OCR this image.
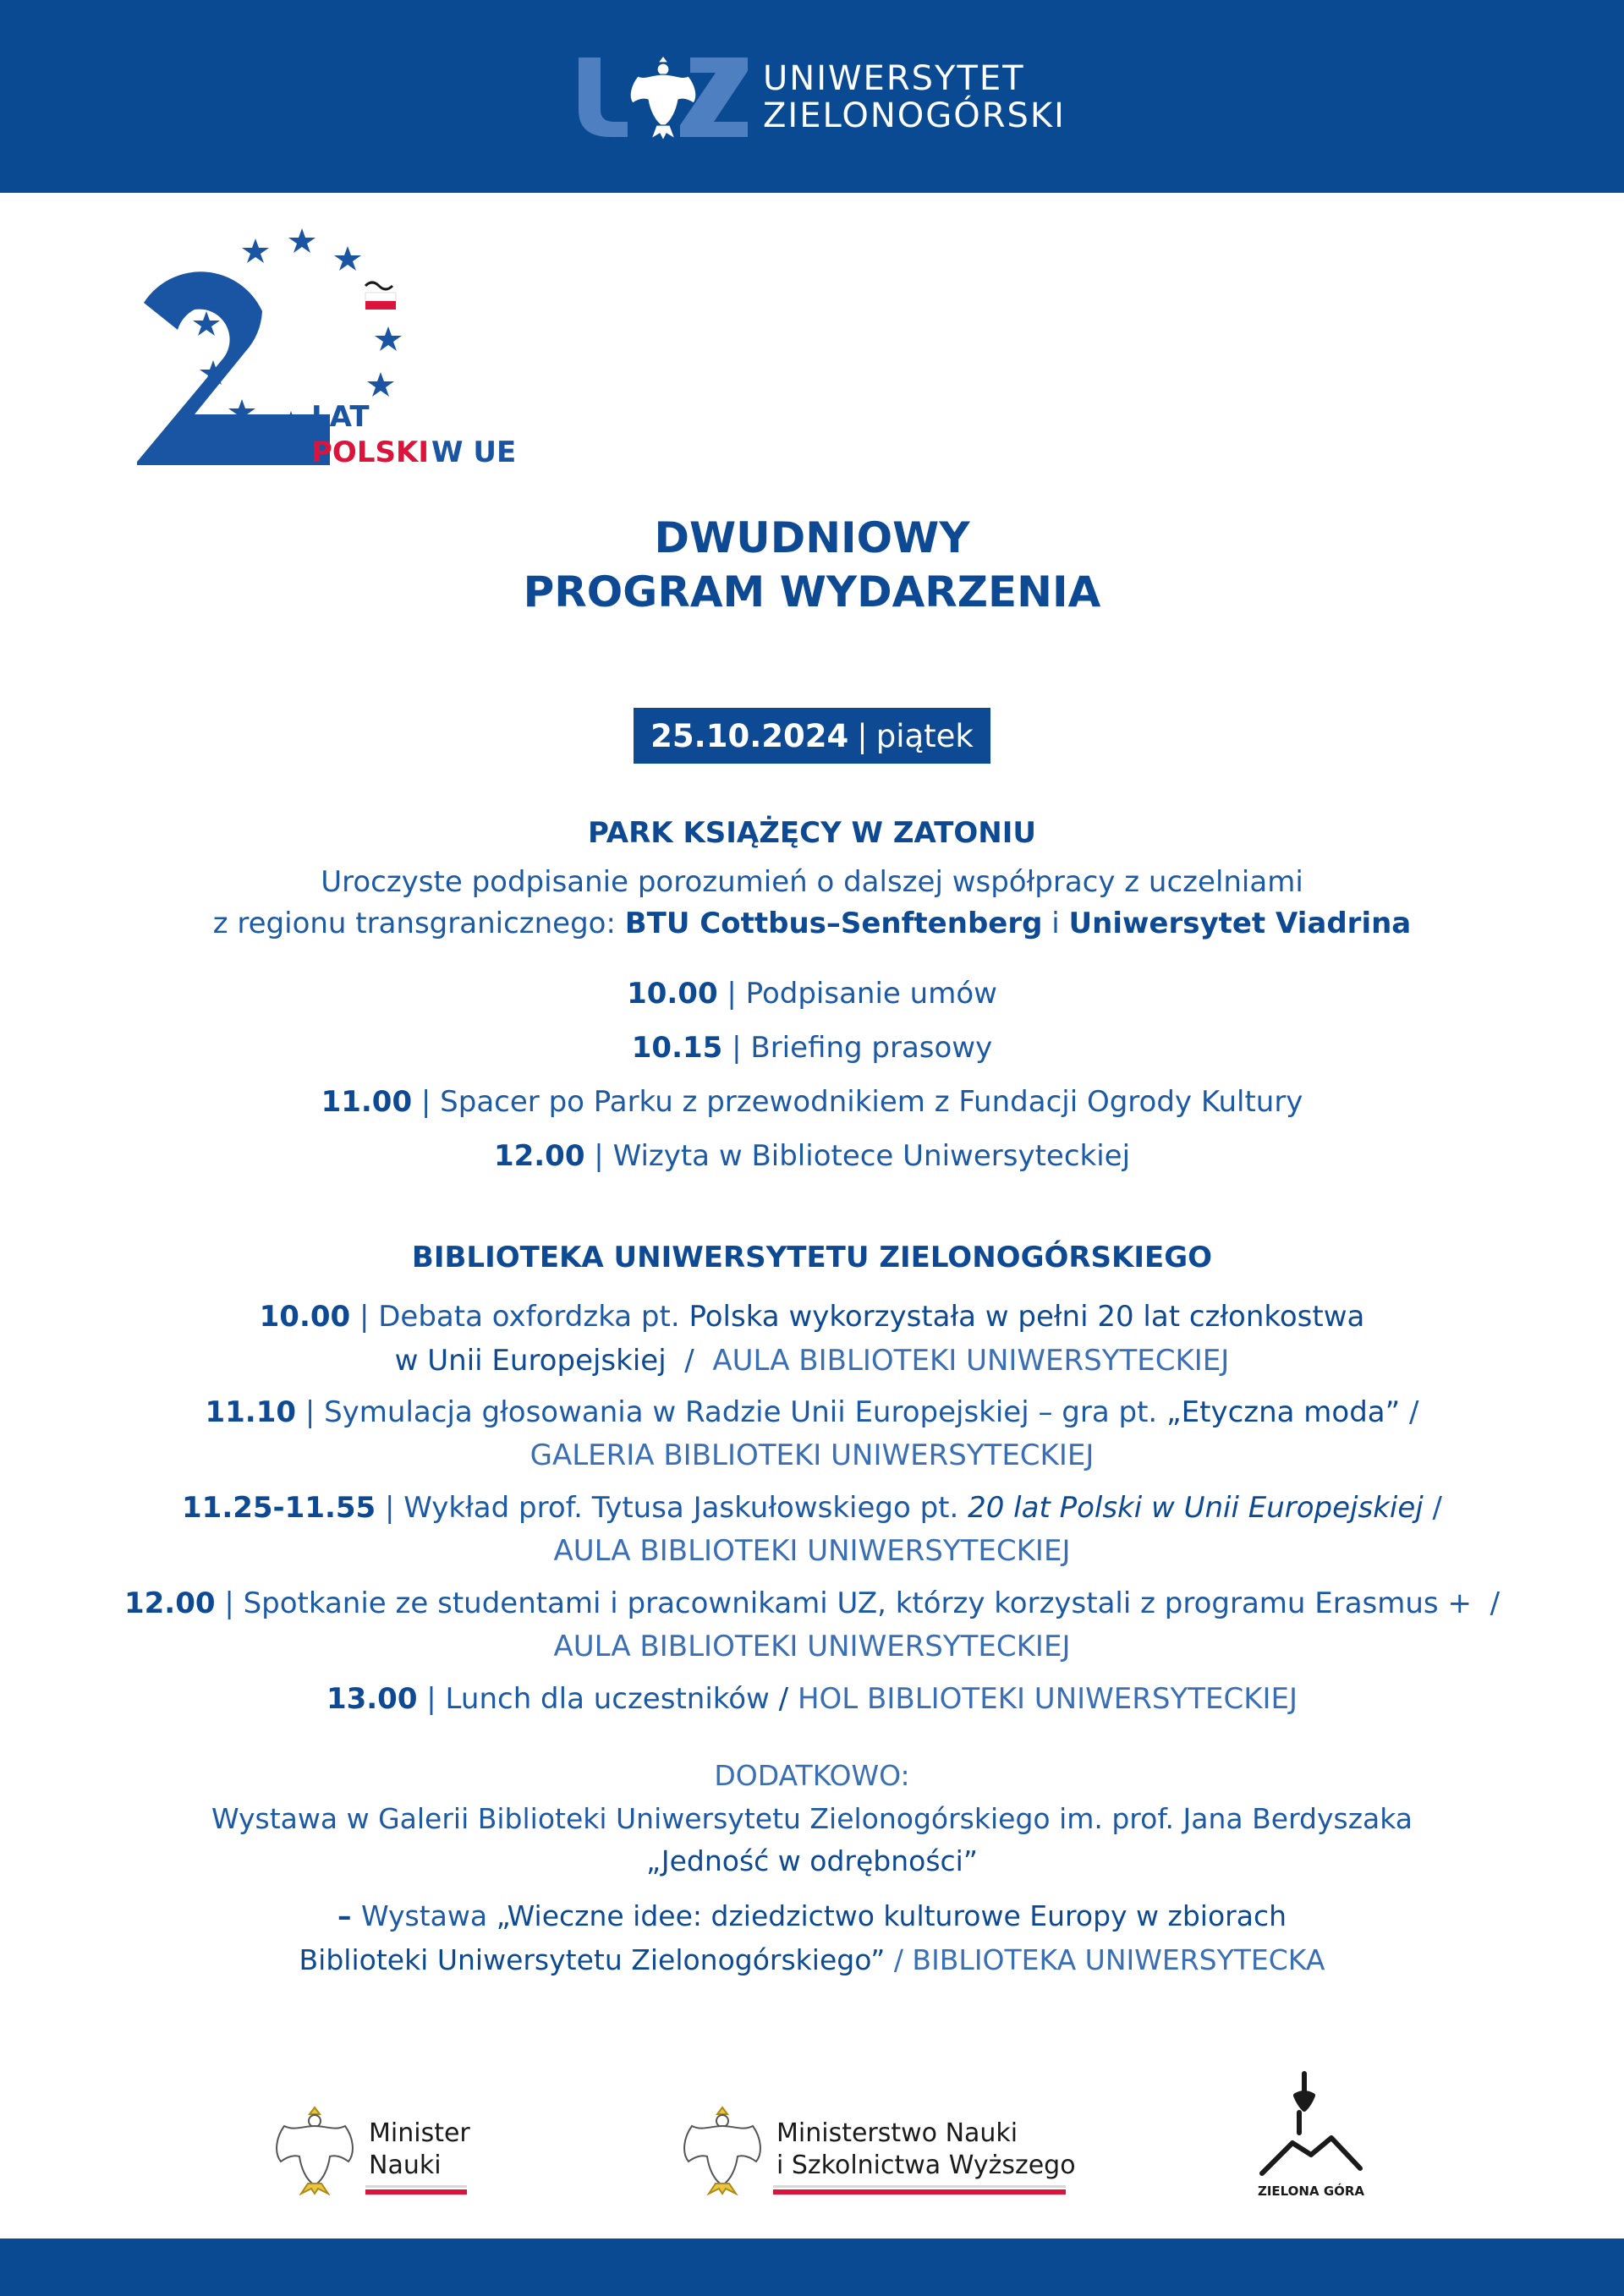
UNIWERSYTET
ZIELONOGÓRSKI
LAT
POLSKI W UE
DWUDNIOWY
PROGRAM WYDARZENIA
25.10.2024 | piątek
PARK KSIĄŻĘCY W ZATONIU
Uroczyste podpisanie porozumień o dalszej współpracy z uczelniami
z regionu transgranicznego: BTU Cottbus–Senftenberg i Uniwersytet Viadrina
10.00 | Podpisanie umów
10.15 | Briefing prasowy
11.00 | Spacer po Parku z przewodnikiem z Fundacji Ogrody Kultury
12.00 | Wizyta w Bibliotece Uniwersyteckiej
BIBLIOTEKA UNIWERSYTETU ZIELONOGÓRSKIEGO
10.00 | Debata oxfordzka pt. Polska wykorzystała w pełni 20 lat członkostwa
w Unii Europejskiej  /  AULA BIBLIOTEKI UNIWERSYTECKIEJ
11.10 | Symulacja głosowania w Radzie Unii Europejskiej – gra pt. „Etyczna moda” /
GALERIA BIBLIOTEKI UNIWERSYTECKIEJ
11.25-11.55 | Wykład prof. Tytusa Jaskułowskiego pt. 20 lat Polski w Unii Europejskiej /
AULA BIBLIOTEKI UNIWERSYTECKIEJ
12.00 | Spotkanie ze studentami i pracownikami UZ, którzy korzystali z programu Erasmus +  /
AULA BIBLIOTEKI UNIWERSYTECKIEJ
13.00 | Lunch dla uczestników / HOL BIBLIOTEKI UNIWERSYTECKIEJ
DODATKOWO:
Wystawa w Galerii Biblioteki Uniwersytetu Zielonogórskiego im. prof. Jana Berdyszaka
„Jedność w odrębności”
– Wystawa „Wieczne idee: dziedzictwo kulturowe Europy w zbiorach
Biblioteki Uniwersytetu Zielonogórskiego” / BIBLIOTEKA UNIWERSYTECKA
Minister
Nauki
Ministerstwo Nauki
i Szkolnictwa Wyższego
ZIELONA GÓRA
